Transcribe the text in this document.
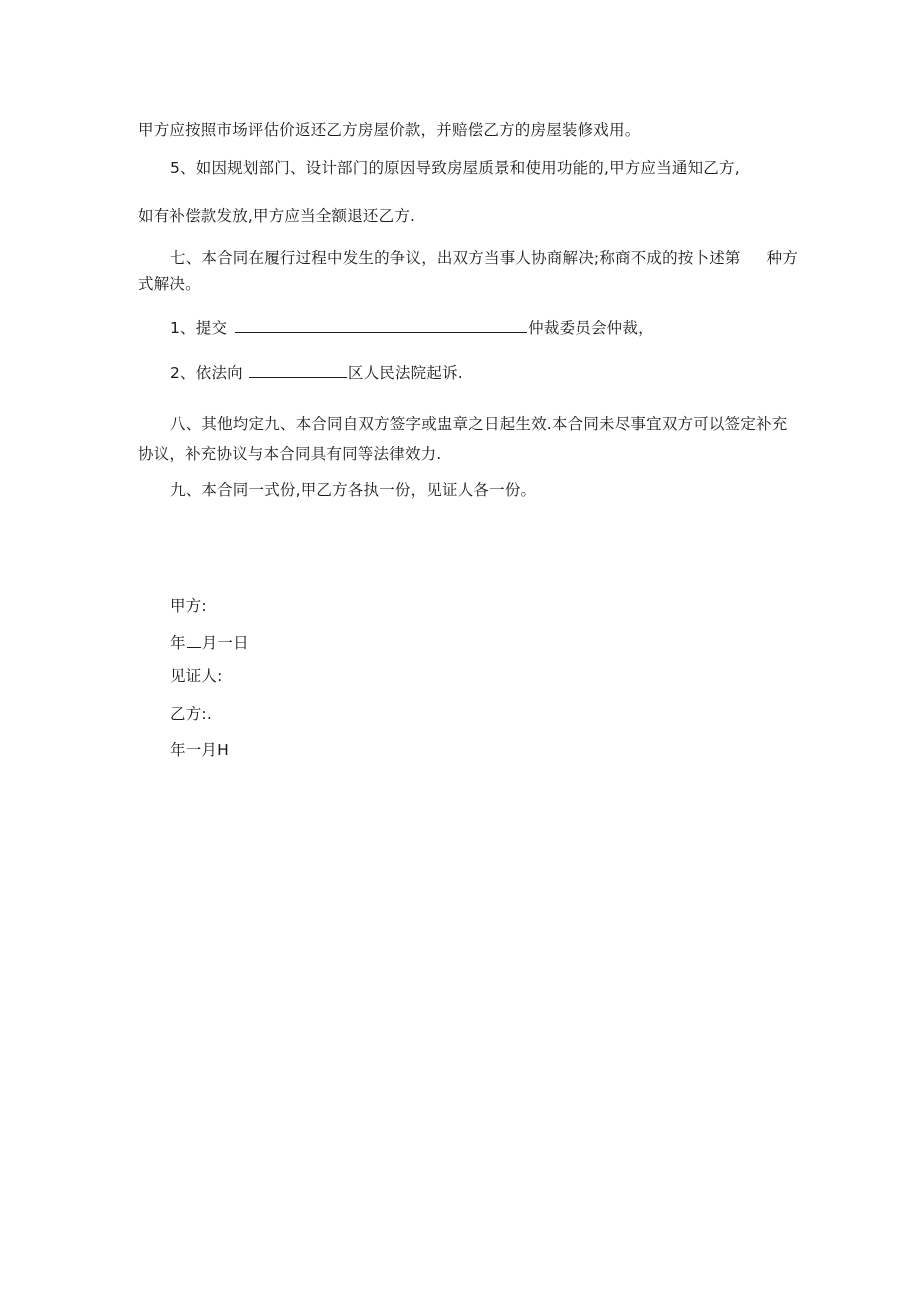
甲方应按照市场评估价返还乙方房屋价款，并赔偿乙方的房屋装修戏用。
5、如因规划部门、设计部门的原因导致房屋质景和使用功能的,甲方应当通知乙方,
如有补偿款发放,甲方应当全额退还乙方.
七、本合同在履行过程中发生的争议，出双方当事人协商解决;称商不成的按卜述第 种方
式解决。
1、提交	仲裁委员会仲裁，
2、依法向	区人民法院起诉.
八、其他均定九、本合同自双方签字或盅章之日起生效.本合同未尽事宜双方可以签定补充
协议，补充协议与本合同具有同等法律效力.
九、本合同一式份,甲乙方各执一份，见证人各一份。
甲方:
年 月一日
见证人:
乙方:.
年一月H
